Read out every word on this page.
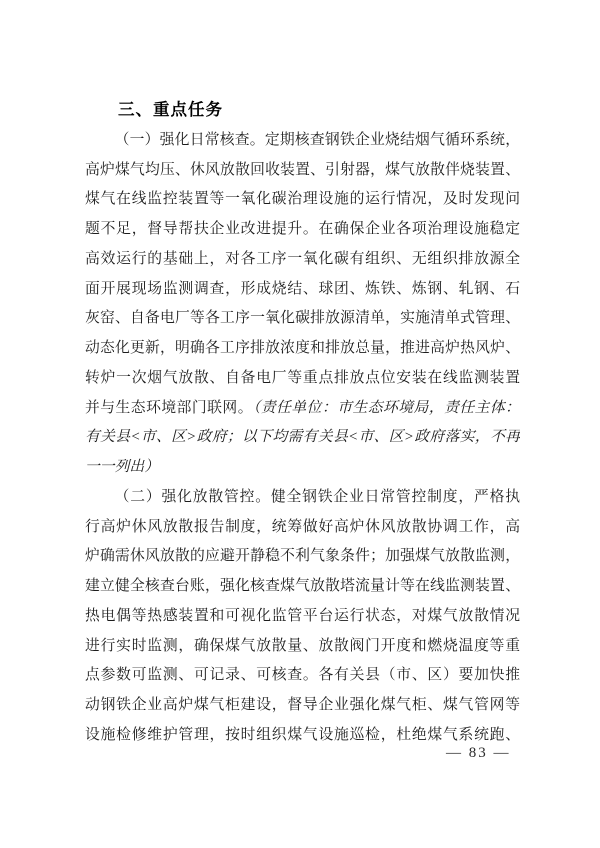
三、重点任务
（一）强化日常核查。定期核查钢铁企业烧结烟气循环系统，
高炉煤气均压、休风放散回收装置、引射器，煤气放散伴烧装置、
煤气在线监控装置等一氧化碳治理设施的运行情况，及时发现问
题不足，督导帮扶企业改进提升。在确保企业各项治理设施稳定
高效运行的基础上，对各工序一氧化碳有组织、无组织排放源全
面开展现场监测调查，形成烧结、球团、炼铁、炼钢、轧钢、石
灰窑、自备电厂等各工序一氧化碳排放源清单，实施清单式管理、
动态化更新，明确各工序排放浓度和排放总量，推进高炉热风炉、
转炉一次烟气放散、自备电厂等重点排放点位安装在线监测装置
并与生态环境部门联网。（责任单位：市生态环境局，责任主体：
有关县<市、区>政府；以下均需有关县<市、区>政府落实，不再
一一列出）
（二）强化放散管控。健全钢铁企业日常管控制度，严格执
行高炉休风放散报告制度，统筹做好高炉休风放散协调工作，高
炉确需休风放散的应避开静稳不利气象条件；加强煤气放散监测，
建立健全核查台账，强化核查煤气放散塔流量计等在线监测装置、
热电偶等热感装置和可视化监管平台运行状态，对煤气放散情况
进行实时监测，确保煤气放散量、放散阀门开度和燃烧温度等重
点参数可监测、可记录、可核查。各有关县（市、区）要加快推
动钢铁企业高炉煤气柜建设，督导企业强化煤气柜、煤气管网等
设施检修维护管理，按时组织煤气设施巡检，杜绝煤气系统跑、
— 83 —
